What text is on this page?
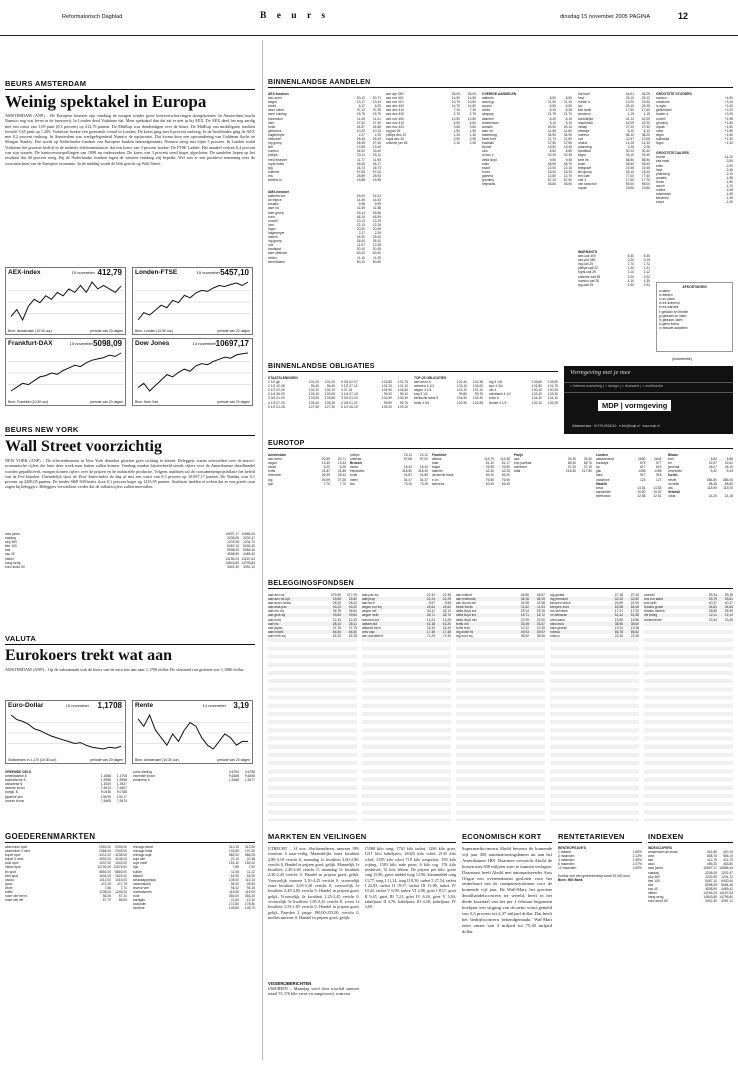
Reformatorisch Dagblad	B e u r s	dinsdag 15 november 2005 PAGINA	12
BEURS AMSTERDAM
Weinig spektakel in Europa
AMSTERDAM (ANP) – De Europese beurzen zijn vandaag de morgen zonder grote koersverschuivingen doorgekomen. In Amsterdam bracht Numico nog wat leven in de brouwerij. In Londen deed Vodafone dat. Meer spektakel dan dat zat er niet in bij AEX. De AEX deed het nog aardig met een winst van 1,09 punt (0,3 procent) op 412,79 punten. De MidKap was donderdagen over de beurs. De MidKap van middelgrote fondsen leverde 3,65 punt op 1.209. Vodafone boekte een groeiende vooral in Londen. De koers ging met 6 procent omhoog. In de hoofdindex ging de AEX met 0,2 procent omhoog. In Amsterdam was werkgelegenheid Numico de topfavoriet. Dat kwam door een opwaardering van Goldman Sachs en Morgan Stanley. Dat wordt op Nederlandse fondsen van Europese banken bekendgemaakt. Numico steeg met bijna 5 procent. In Londen stond Vodafone het grootste bedrijf in de mobiele telefoonindustrie, dat een koers van 3 procent boekte. De FTSE Ladder. Het aandeel verloor 0,4 procent van zijn waarde. De kantoorvoorspellingen van 1998 nu onderzoeken. De koers van 3 procent werd hoger afgesloten. De aandelen liepen op het resultaat dat 40 procent steeg. Bij de Nederlandse fondsen lagen de winsten vandaag vrij beperkt. Wel was er een positieve stemming over de vooruitzichten van de Europese economie. In de middag wordt de blik gericht op Wall Street.
AEX-index	15 november 412,79
Bron: Amsterdam (10:30 uur)	periode van 20 dagen
Londen-FTSE	15 november 5457,10
Bron: Londen (10:30 uur)	periode van 20 dagen
Frankfurt-DAX	15 november 5098,09
Bron: Frankfurt (10:30 uur)	periode van 20 dagen
Dow Jones	14 november 10697,17
Bron: New York	periode van 20 dagen
BEURS NEW YORK
Wall Street voorzichtig
NEW YORK (ANP) – De effectenbeurzen in New York draaiden gisteren geen richting te kiezen. Beleggers waren ontevreden over de macro-economische cijfers die later deze week naar buiten zullen komen. Vandaag zouden bijvoorbeeld steeds cijfers over de Amerikaanse detailhandel worden gepubliceerd, morgen komen cijfers over de prijzen en de industriële productie. Volgens analisten zal de consumentenprijsinflatie het beleid van de Fed bepalen. Uiteindelijk sloot de Dow Jones-index de dag af met een winst van 0,3 procent op 10.697,17 punten. De Nasdaq won 0,1 procent op 2208,05 punten. De breder S&P 500-index sloot 0,1 procent hoger op 1233,95 punten. Analisten hadden al weken dat ze een goede toon zagen bij beleggers. Beleggers verwachten verder dat de inflatiecijfers zullen meevallen.
dow jones	10697,17 10686,44
nasdaq	2208,05	2202,47
s&p 500	1233,95	1234,72
ftse 100	5457,10	5430,40
dax	5098,09	5084,46
cac 40	4508,90	4489,42
nikkei	14156,24 14187,63
hang seng	14843,69 14795,84
euro stoxx 50	3402,30	3391,12
VALUTA
Eurokoers trekt wat aan
AMSTERDAM (ANP) – Op de valutamarkt trok de koers van de euro iets aan naar 1,1708 dollar. De slotstand van gisteren was 1,1680 dollar.
Euro-Dollar	15 november 1,1708
Slotkoersen in 1,170 (10:30 uur)	periode van 20 dagen
Rente	14 november 3,19
Bron: Amsterdam (10:30 uur)	periode van 20 dagen
VREEMDE GELD
amerikaanse $	1,1658	1,1708
australische $	1,5958	1,5998
canadese $	1,3920	1,3927
deense kroon	7,4613	7,4607
hongk. $	9,0438	9,0788
japanse yen	138,99	139,17
noorse kroon	7,8465	7,8475
pond sterling	0,6784	0,6786
zweedse kroon	9,6368	9,6458
zwitserse fr.	1,5466	1,5477
GOEDERENMARKTEN
aluminium spot	2052,00	2045,00
aluminium 3 mnd	2066,00	2049,00
koper spot	4211,00	4236,00
koper 3 mnd	4091,00	4106,00
lood spot	1037,00	1043,00
nikkel spot	12700,00 12575,00
tin spot	6850,00	6860,00
zink spot	1634,00	1622,00
cacao	1012,00	1015,00
goud	472,25	471,75
zilver	7,66	7,71
koffie	1238,00	1245,00
ruwe olie brent	56,25	57,31
ruwe olie wti	57,70	58,90
chicago tarwe	310,25	312,50
chicago mais	193,50	197,00
chicago soja	582,00	586,25
soja olie	22,10	22,38
soja meel	181,40	184,00
rijst	7,89	7,92
suiker	11,06	11,12
katoen	51,90	52,05
sinaasappelsap	108,00	110,10
varkensbuik	99,40	99,60
levend vee	94,02	94,15
voerkalveren	116,55	116,90
hout	350,00	353,20
aardgas	11,84	12,10
stookolie	172,80	175,50
benzine	145,60	148,70
BINNENLANDSE AANDELEN
AEX-fondsen
abn amro	20,10	20,71
aegon	13,17	13,43
ahold	6,17	6,25
akzo nobel	37,12	37,39
asml holding	15,75	15,75
buhrmann	11,05	11,01
dsm	37,52	37,49
fortis	24,87	24,85
getronics	10,25	10,13
hagemeyer	2,27	2,29
heineken	26,45	26,43
ing groep	26,99	27,06
klm	13,59	13,44
numico	34,00	33,40
philips	23,11	23,12
reed elsevier	11,77	11,90
royal dutch	26,08	26,17
tpg	26,73	26,73
unilever	57,65	57,00
vnu	25,89	25,93
wolters kl.	15,98	15,95
AMX-fondsen
aalberts ind.	43,00	42,24
air france	14,46	14,53
arcadis	9,98	9,99
asm int.	11,59	11,58
bam groep	53,14	53,58
corio	46,15	45,99
crucell	13,13	13,19
csm	22,13	22,26
fugro	20,92	20,99
hagemeyer	2,27	2,29
imtech	24,90	25,00
ing groep	26,00	26,10
oce	11,97	12,05
randstad	30,10	30,45
sbm offshore	63,00	63,90
vedior	11,10	11,25
wereldhave	80,10	80,50
aex apr 350	26,00	26,00
aex mrt 400	14,90	14,95
aex mrt 410	10,75	10,80
aex dec 400	14,70	14,80
aex dec 410	7,20	7,35
aex dec 420	2,70	2,75
aex nov 400	12,50	12,60
aex nov 410	4,50	4,60
aex nov 420	0,65	0,60
ing jan 26	1,50	1,55
philips dec 22	1,25	1,30
royal dec 26	0,90	0,95
unilever jan 56	2,10	2,05
OVERIGE AANDELEN
aalberts	8,50	8,50
accell gr.	21,00	21,25
acomo	5,50	5,50
ahold	6,25	6,28
airspray	21,75	21,70
alanheri	8,20	8,15
amsterdam	5,10	5,10
arcadis	25,00	25,10
asm int.	11,65	11,60
batenburg	34,90	34,90
beter bed	11,73	11,80
boskalis	37,50	37,55
brunel	15,50	15,45
c&s	8,60	8,65
crown v.	30,25	30,25
delta lloyd	9,50	9,45
eriks	48,50	48,70
exact	22,00	22,15
fornix	16,00	16,20
gamma	12,80	12,75
grontmij	57,20	57,50
heijmans	35,80	35,90
hal trust	44,61	45,25
heyl	25,10	25,12
hunter d.	19,20	19,40
ico	26,10	26,25
kas bank	17,50	17,60
kendrion	1,15	1,15
koninklijke	42,12	42,00
macintosh	42,09	42,20
nedap	27,20	27,30
neways	6,10	6,12
nutreco	38,10	38,20
oce	11,97	12,05
ordina	14,25	14,30
pharming	2,25	2,26
randstad	30,10	30,40
sligro	33,10	33,40
smit int.	68,50	68,90
stork	36,50	36,60
telegraaf	19,45	19,45
tkh group	18,10	18,20
ten cate	77,00	77,50
unit 4	17,60	17,70
van lanschot	59,00	59,00
vopak	23,50	23,60
GROOTSTE STIJGERS
numico	+4,90
vodafone	+3,10
ic agfa	+2,40
gelderland	+2,20
hunter d.	+2,00
crucell	+1,95
grontmij	+1,80
vopak	+1,60
ortec	+1,55
sligro	+1,50
hollandia	+1,40
fugro	+1,32
GROOTSTE DALERS
brunel	-14,20
kas bank	-3,50
eriks	-2,90
heyl	-2,45
pharming	-2,10
arcadis	-1,95
fornix	-1,80
accell	-1,70
ordina	-1,65
macintosh	-1,50
kendrion	-1,45
exact	-1,30
WARRANTS
aex-call 400	5,40	5,45
aex-put 380	0,20	0,19
ing-call 25	1,70	1,72
philips-call 22	1,20	1,21
royal-call 25	1,10	1,12
unilever-call 55	2,00	2,02
numico-call 30	4,10	4,30
tpg-call 25	1,90	1,91
AFKORTINGEN
a=laten
b=bieden
c=ex-claim
d=ex-dividend
e=ex-warrant
f=gedaan en bieden
g=gedaan en laten
h=gedaan, laten
k=geen koers
n=nieuwe aandelen
(Advertentie)
BINNENLANDSE OBLIGATIES
STAATSLENINGEN
2 1/2 gb	101,00	101,00
2 1/2 10-08	99,45	99,40
2 1/2 02-09	102,20	102,10
3 1/4 06-09	103,10	103,05
3 3/4 01-09	103,90	103,85
4 1/4 07-09	105,40	105,35
5 1/2 01-28	127,50	127,30
5 3/4 02-07	102,80	102,75
3 1/2 07-11	101,20	101,10
4 07-15	104,90	104,80
3 1/4 07-15	99,20	99,10
3 3/4 01-23	100,50	100,40
3 3/4 01-37	99,80	99,70
5 1/2 06-10	109,20	109,10
TOP-25 OBLIGATIES
abn amro 6	102,40	102,35
achmea 5 1/4	103,10	103,00
aegon 4 1/4	101,20	101,10
bng 3 1/2	99,80	99,75
deutsche bank 5	104,50	104,40
fortis 4 3/4	102,90	102,85
ing 5 1/8	105,60	105,50
kpn 4 3/4	101,80	101,75
nib 4	100,10	100,05
rabobank 4 1/2	103,40	103,30
shell 5	104,20	104,10
tennet 4 1/2	102,10	102,05
Vormgeving met je mee
> internet-marketing | > design | > drukwerk | > multimedia
MDP | vormgeving
Alblasserdam · t/f 078-6918110 · e info@mdp.nl · www.mdp.nl
EUROTOP
Amsterdam
abn amro	20,69	20,71
aegon	13,30	13,43
ahold	6,20	6,25
fortis	24,87	24,85
heineken	26,39	26,43
ing	26,99	27,06
kpn	7,70	7,70
philips	23,11	23,12
unilever	57,65	57,00
Brussel
dexia	18,42	18,42
electrabel	418,50	418,30
fortis	24,87	24,85
inbev	34,47	34,37
kbc	73,20	73,25
Frankfurt
allianz	119,79	119,48
basf	61,20	61,17
bayer	29,95	29,90
daimler	42,30	42,25
deutsche bank	83,10	83,20
e.on	76,80	76,90
siemens	63,30	63,40
Parijs
axa	25,30	25,40
bnp paribas	65,40	65,70
carrefour	37,20	37,10
total	216,30	217,80
Londen
astrazeneca	2650	2642
barclays	575	577
bp	617	619
gsk	1496	1498
hsbc	917	918
vodafone	123	127
Madrid
bbva	14,81	14,83
santander	10,90	10,92
telefonica	12,58	12,61
Milaan
enel	6,84	6,85
eni	22,57	22,61
generali	26,07	26,10
unicredito	5,42	5,43
Zurich
nestle	384,50	385,00
novartis	68,45	68,60
ubs	118,90	119,20
Helsinki
nokia	14,20	14,18
BELEGGINGSFONDSEN
aab aex nd	479,50	477,90
aab aex nd opt	15,65	15,62
aab amer fonds	26,00	26,02
aab asia pac	43,23	43,20
aab eur eq	36,75	36,81
aab glob eq	29,83	29,84
aab hold	12,33	12,33
aab inc	28,10	28,11
aab japan	37,76	37,79
aab mixed	54,54	54,60
aab neth eq	52,23	52,25
aab pac eq	22,32	22,35
aab prop	41,24	41,29
aab tech	9,67	9,68
aegon eur eq	24,64	24,62
aegon intl	44,11	44,12
aegon neth	28,71	28,74
achmea eur	13,24	13,25
actiam dut	41,18	41,20
alliance bern	16,33	16,34
amv cap	17,46	17,48
asn aandelenf	71,23	71,40
asn milieuf	46,85	46,87
asn mixfonds	45,16	45,19
asn duurz obl	24,98	24,98
binck fonds	11,62	11,63
delta lloyd eur	29,14	29,15
delta lloyd inv	18,71	18,72
delta lloyd mix	21,99	22,00
fortis obl	33,45	33,47
fortis tech	10,22	10,25
ing dutch fd	49,93	49,97
ing euro eq	38,92	38,95
ing global	27,38	27,43
ing premium	42,43	42,50
kempen dutch	24,89	24,90
kempen euro	63,98	64,08
mn services	17,21	17,20
nn behaven	51,44	51,55
ohra aand	15,85	15,86
rabo euro	38,56	38,60
rabo global	19,34	19,36
robeco	66,78	66,82
rolinco	22,40	22,45
rorento	59,34	59,36
sns eur aand	33,79	33,81
sns neth	40,37	40,37
triodos groen	34,81	34,84
triodos meerw	26,85	26,90
vbi beleg	12,11	12,12
zwitserleven	23,44	23,45
MARKTEN EN VEILINGEN
UTRECHT – 14 nov. Slachtrunderen, aanvoer 199; waarvan 6 naar-veilig. Maandelijks extra kwaliteit 2,80-3,10 vericht 0, maandag 1e kwaliteit 2,60-2,80; vericht 0, Handel in prijzen goed, gelijk. Mannelijk 1e kwaliteit 2,45-2,60 vericht 0, maandag 1e kwaliteit 2,30-2,45 vericht 0. Handel in prijzen goed, gelijk. Vrouwelijk vaarzen 3,10-4,25 vericht 0, vrouwelijk extra kwaliteit 2,05-3,20 vericht 0, vrouwelijk 1e kwaliteit 2,45-2,85 vericht 0. Handel in prijzen goed, gelijk. Vrouwelijk 2e kwaliteit 2,25-2,45 vericht 0, vrouwelijk 3e kwaliteit 1,85-2,25 vericht 0, worst 1e kwaliteit 1,55-1,85 vericht 0. Handel in prijzen goed, gelijk. Paarden 2 jarige 190,00-255,00, vericht 0, mollen aanvoer 0. Handel in prijzen goed, gelijk.
VISSERIJBERICHTEN
UMUIDEN – Maandag werd door trawlaff aanvoer totaal 55.376 kilo verse vis aangevoerd, waarvan
15588 kilo tong, 1730 kilo tarbot, 1286 kilo griet, 1211 kilo kabeljauw, 26325 kilo schol, 2145 kilo schol, 2185 kilo schol 718 kilo tongschar, 359 kilo wijting, 1583 kilo rode poon, 6 kilo rog, 176 kilo zeeduivel, 32 kilo lekens. De prijzen per kilo: grote tong 15,86, groot middel tong 13,96, kleinmiddel tong 13,77, tong I 11,14, tong II 8,30, tarbot 5 27,54, tarbot I 22,83, tarbot II 19,57, tarbot III 13,98, tarbot IV 10,42, tarbot V 6,90, tarbot VI 4,98, griet I 8,17, griet II 9,45, griet III 7,21, griet IV 6,20, griet V 5,04, kabeljauw II 4,76, kabeljauw III 4,38, kabeljauw IV 3,69.
ECONOMISCH KORT
Supermarktconcern Ahold beweert de komende vijf jaar 450 automatiseringsbanen uit aan het Amerikaanse IBS. Daarmee verwacht Ahold de kosten met 500 miljoen euro te kunnen verlagen. Daarnaast heeft Ahold met automatiseerder Atos Origin een overeenkomst gesloten voor het onderhoud van de computersystemen voor de komende vijf jaar. De Wall-Mart, het grootste detailhandelsconcern ter wereld, heeft in het derde kwartaal van het per 1 februari begonnen boekjaar een stijging van de netto winst gemeld van 5,3 procent tot 2,37 miljard dollar. Dat heeft het bedrijfsconcern bekendgemaakt. Wal-Mart zette omzet van 3 miljard tot 75,40 miljard dollar.
RENTETARIEVEN
RENTEOPGAVE'S
1 maand	1,80%
2 maanden	2,13%
3 maanden	2,36%
6 maanden	2,47%
12 maanden	2,65%
Euribor met een geleenbedrag vanaf 25.000 euro.
Bron: ING Bank
INDEXEN
INDEXCIJFERS
amsterdam all share	441,80	440,10
amx	588,76	586,10
aex	412,79	411,70
ascx	485,20	483,80
dow jones	10697,17 10686,44
nasdaq	2208,05	2202,47
s&p 500	1233,95	1234,72
ftse 100	5457,10	5430,40
dax	5098,09	5084,46
cac 40	4508,90	4489,42
nikkei	14156,24 14187,63
hang seng	14843,69 14795,84
euro stoxx 50	3402,30	3391,12
